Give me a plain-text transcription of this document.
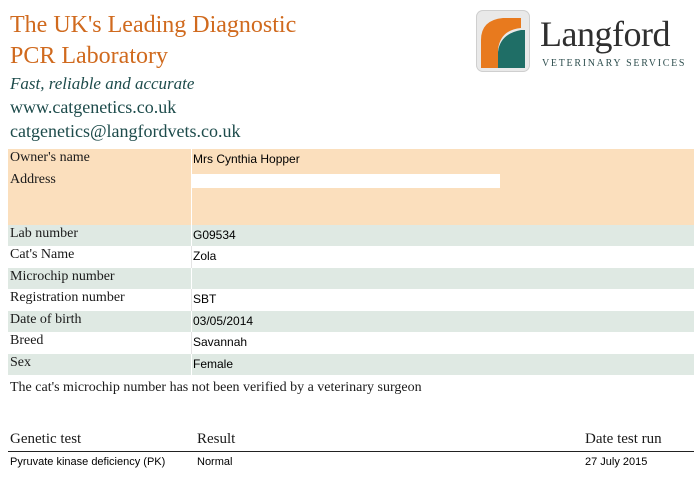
The UK's Leading Diagnostic
PCR Laboratory
Fast, reliable and accurate
www.catgenetics.co.uk
catgenetics@langfordvets.co.uk
Langford
VETERINARY SERVICES
Owner's name	Mrs Cynthia Hopper
Address
Lab number	G09534
Cat's Name	Zola
Microchip number
Registration number	SBT
Date of birth	03/05/2014
Breed	Savannah
Sex	Female
The cat's microchip number has not been verified by a veterinary surgeon
Genetic test	Result	Date test run
Pyruvate kinase deficiency (PK)	Normal	27 July 2015
